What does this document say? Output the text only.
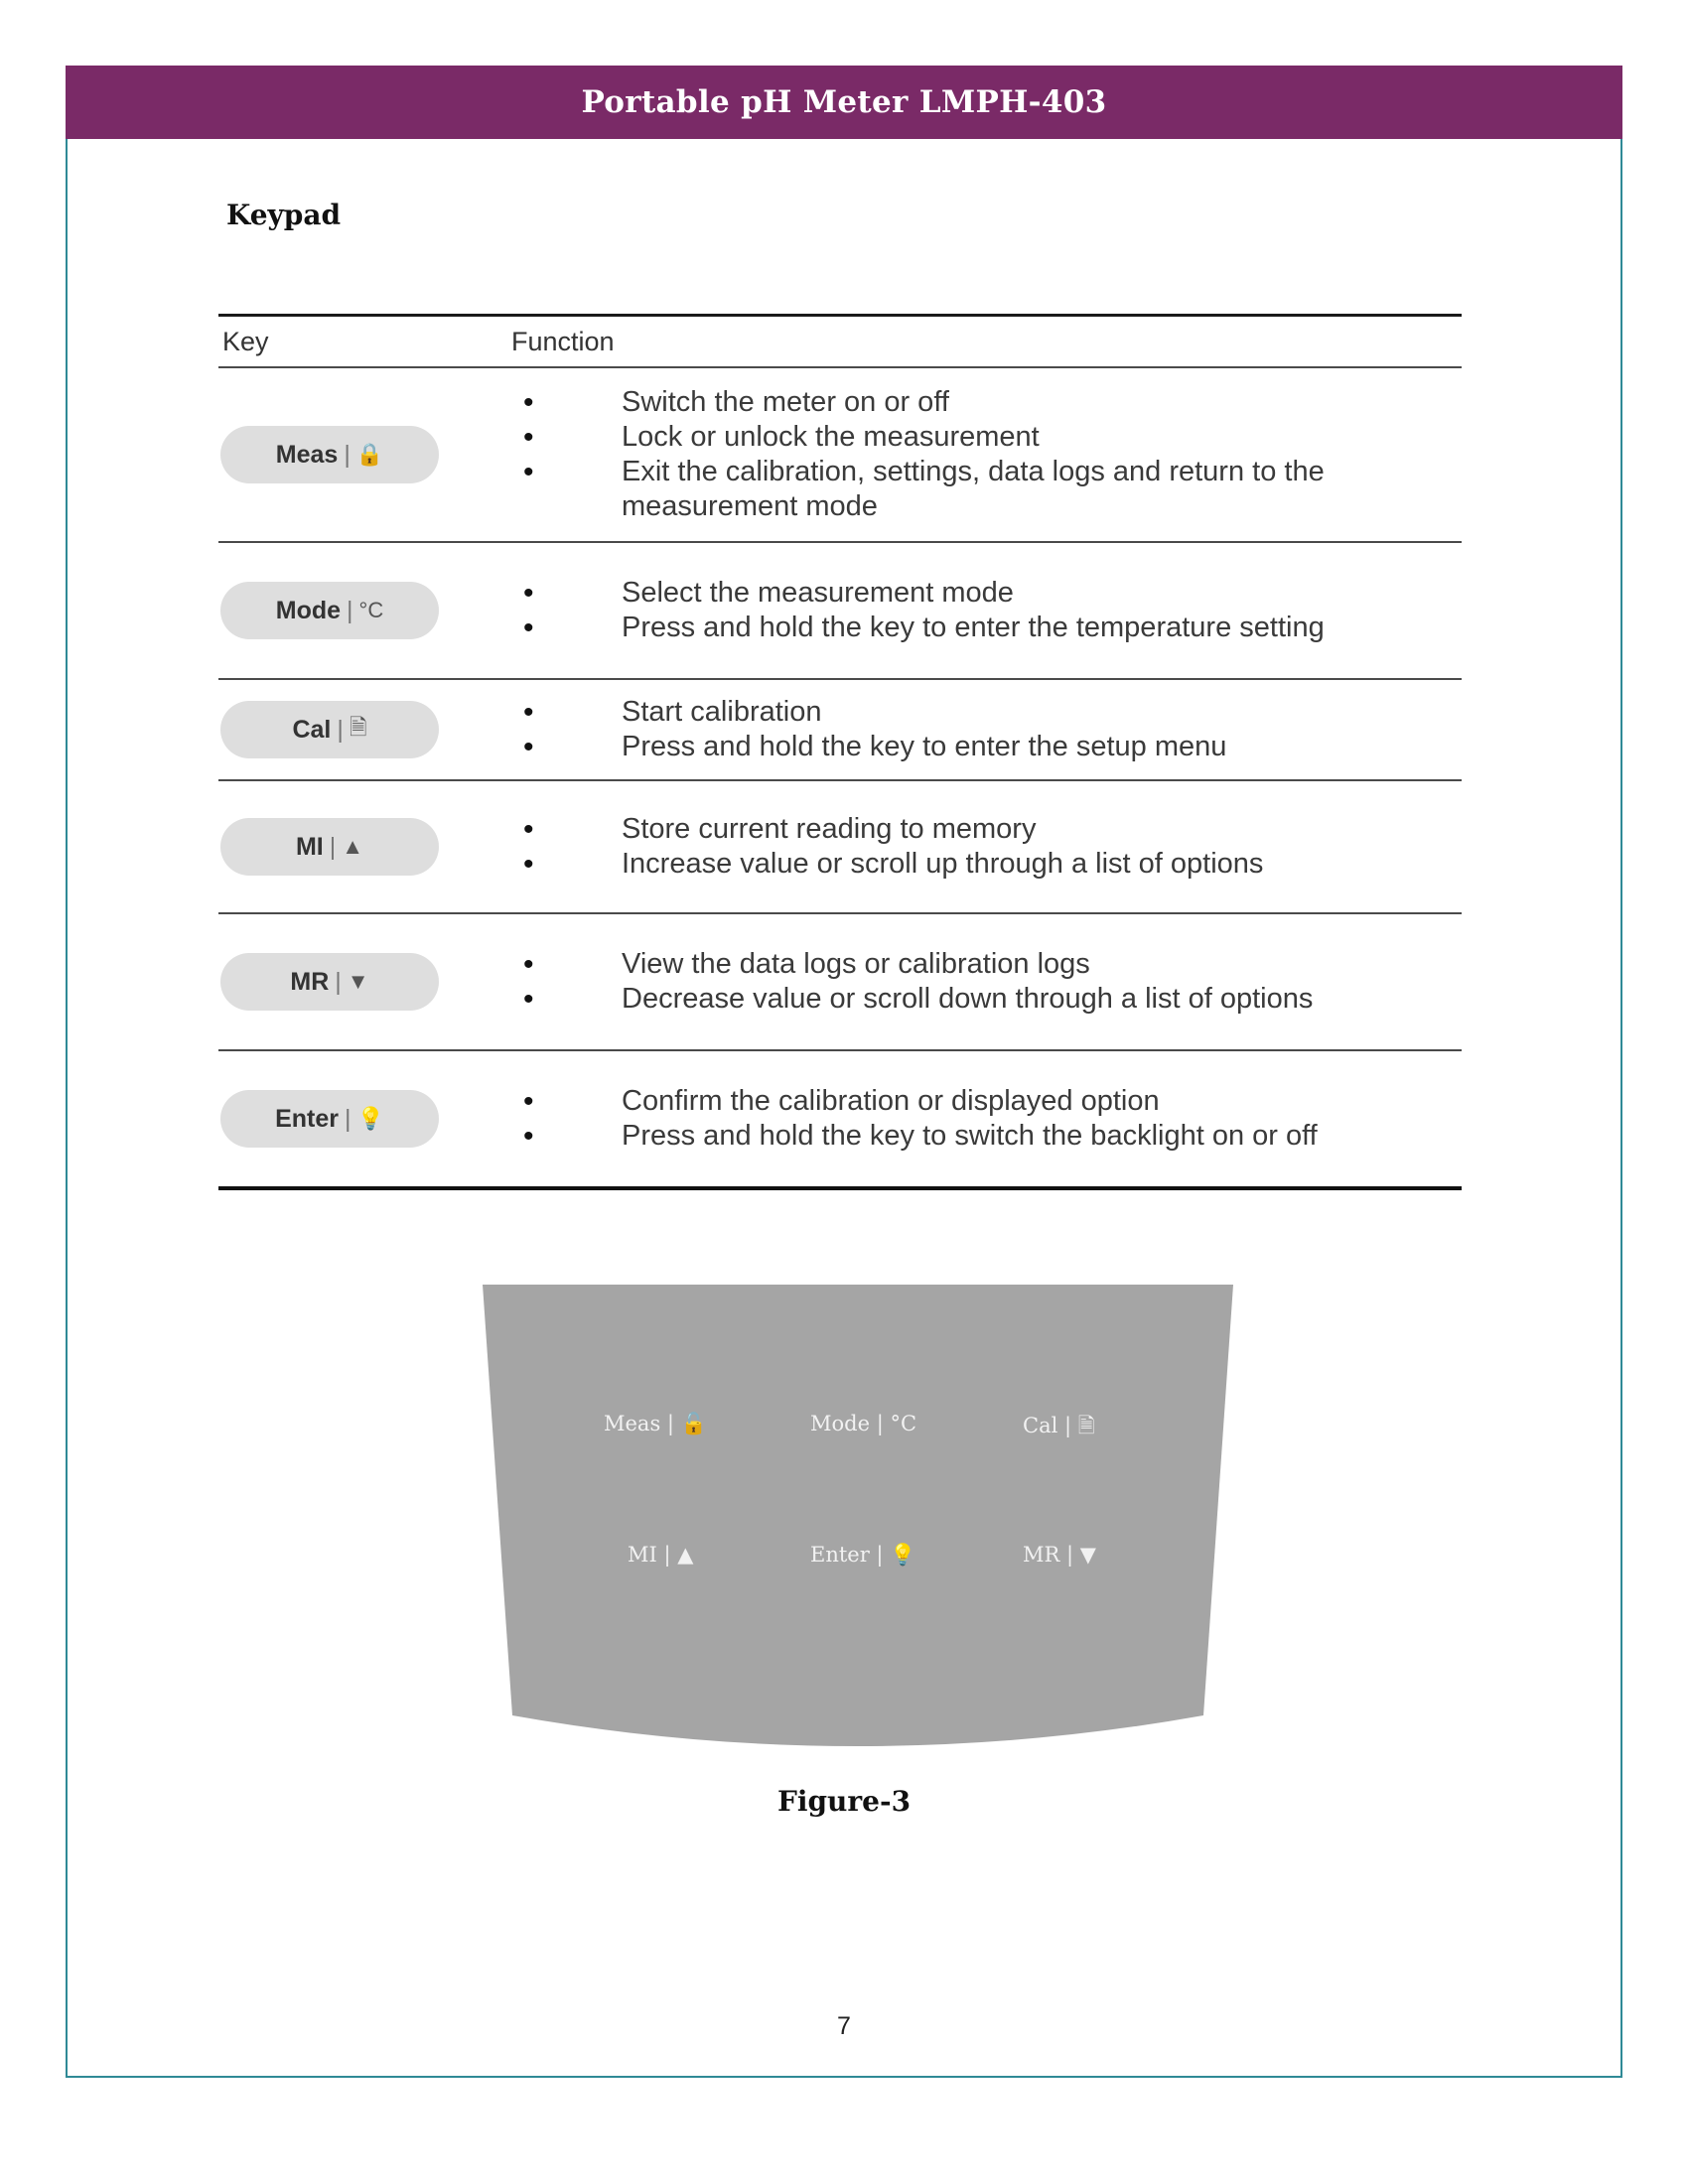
Portable pH Meter LMPH-403
Keypad
Key	Function
Meas | 🔒
• Switch the meter on or off
• Lock or unlock the measurement
• Exit the calibration, settings, data logs and return to the measurement mode
Mode | °C
• Select the measurement mode
• Press and hold the key to enter the temperature setting
Cal | 🗎
•	Start calibration
• Press and hold the key to enter the setup menu
MI | ▲
• Store current reading to memory
• Increase value or scroll up through a list of options
MR | ▼
• View the data logs or calibration logs
• Decrease value or scroll down through a list of options
Enter | 💡
• Confirm the calibration or displayed option
• Press and hold the key to switch the backlight on or off
Meas | 🔓	Mode | °C	Cal | 🗎
MI | ▲	Enter | 💡	MR | ▼
Figure-3
7
